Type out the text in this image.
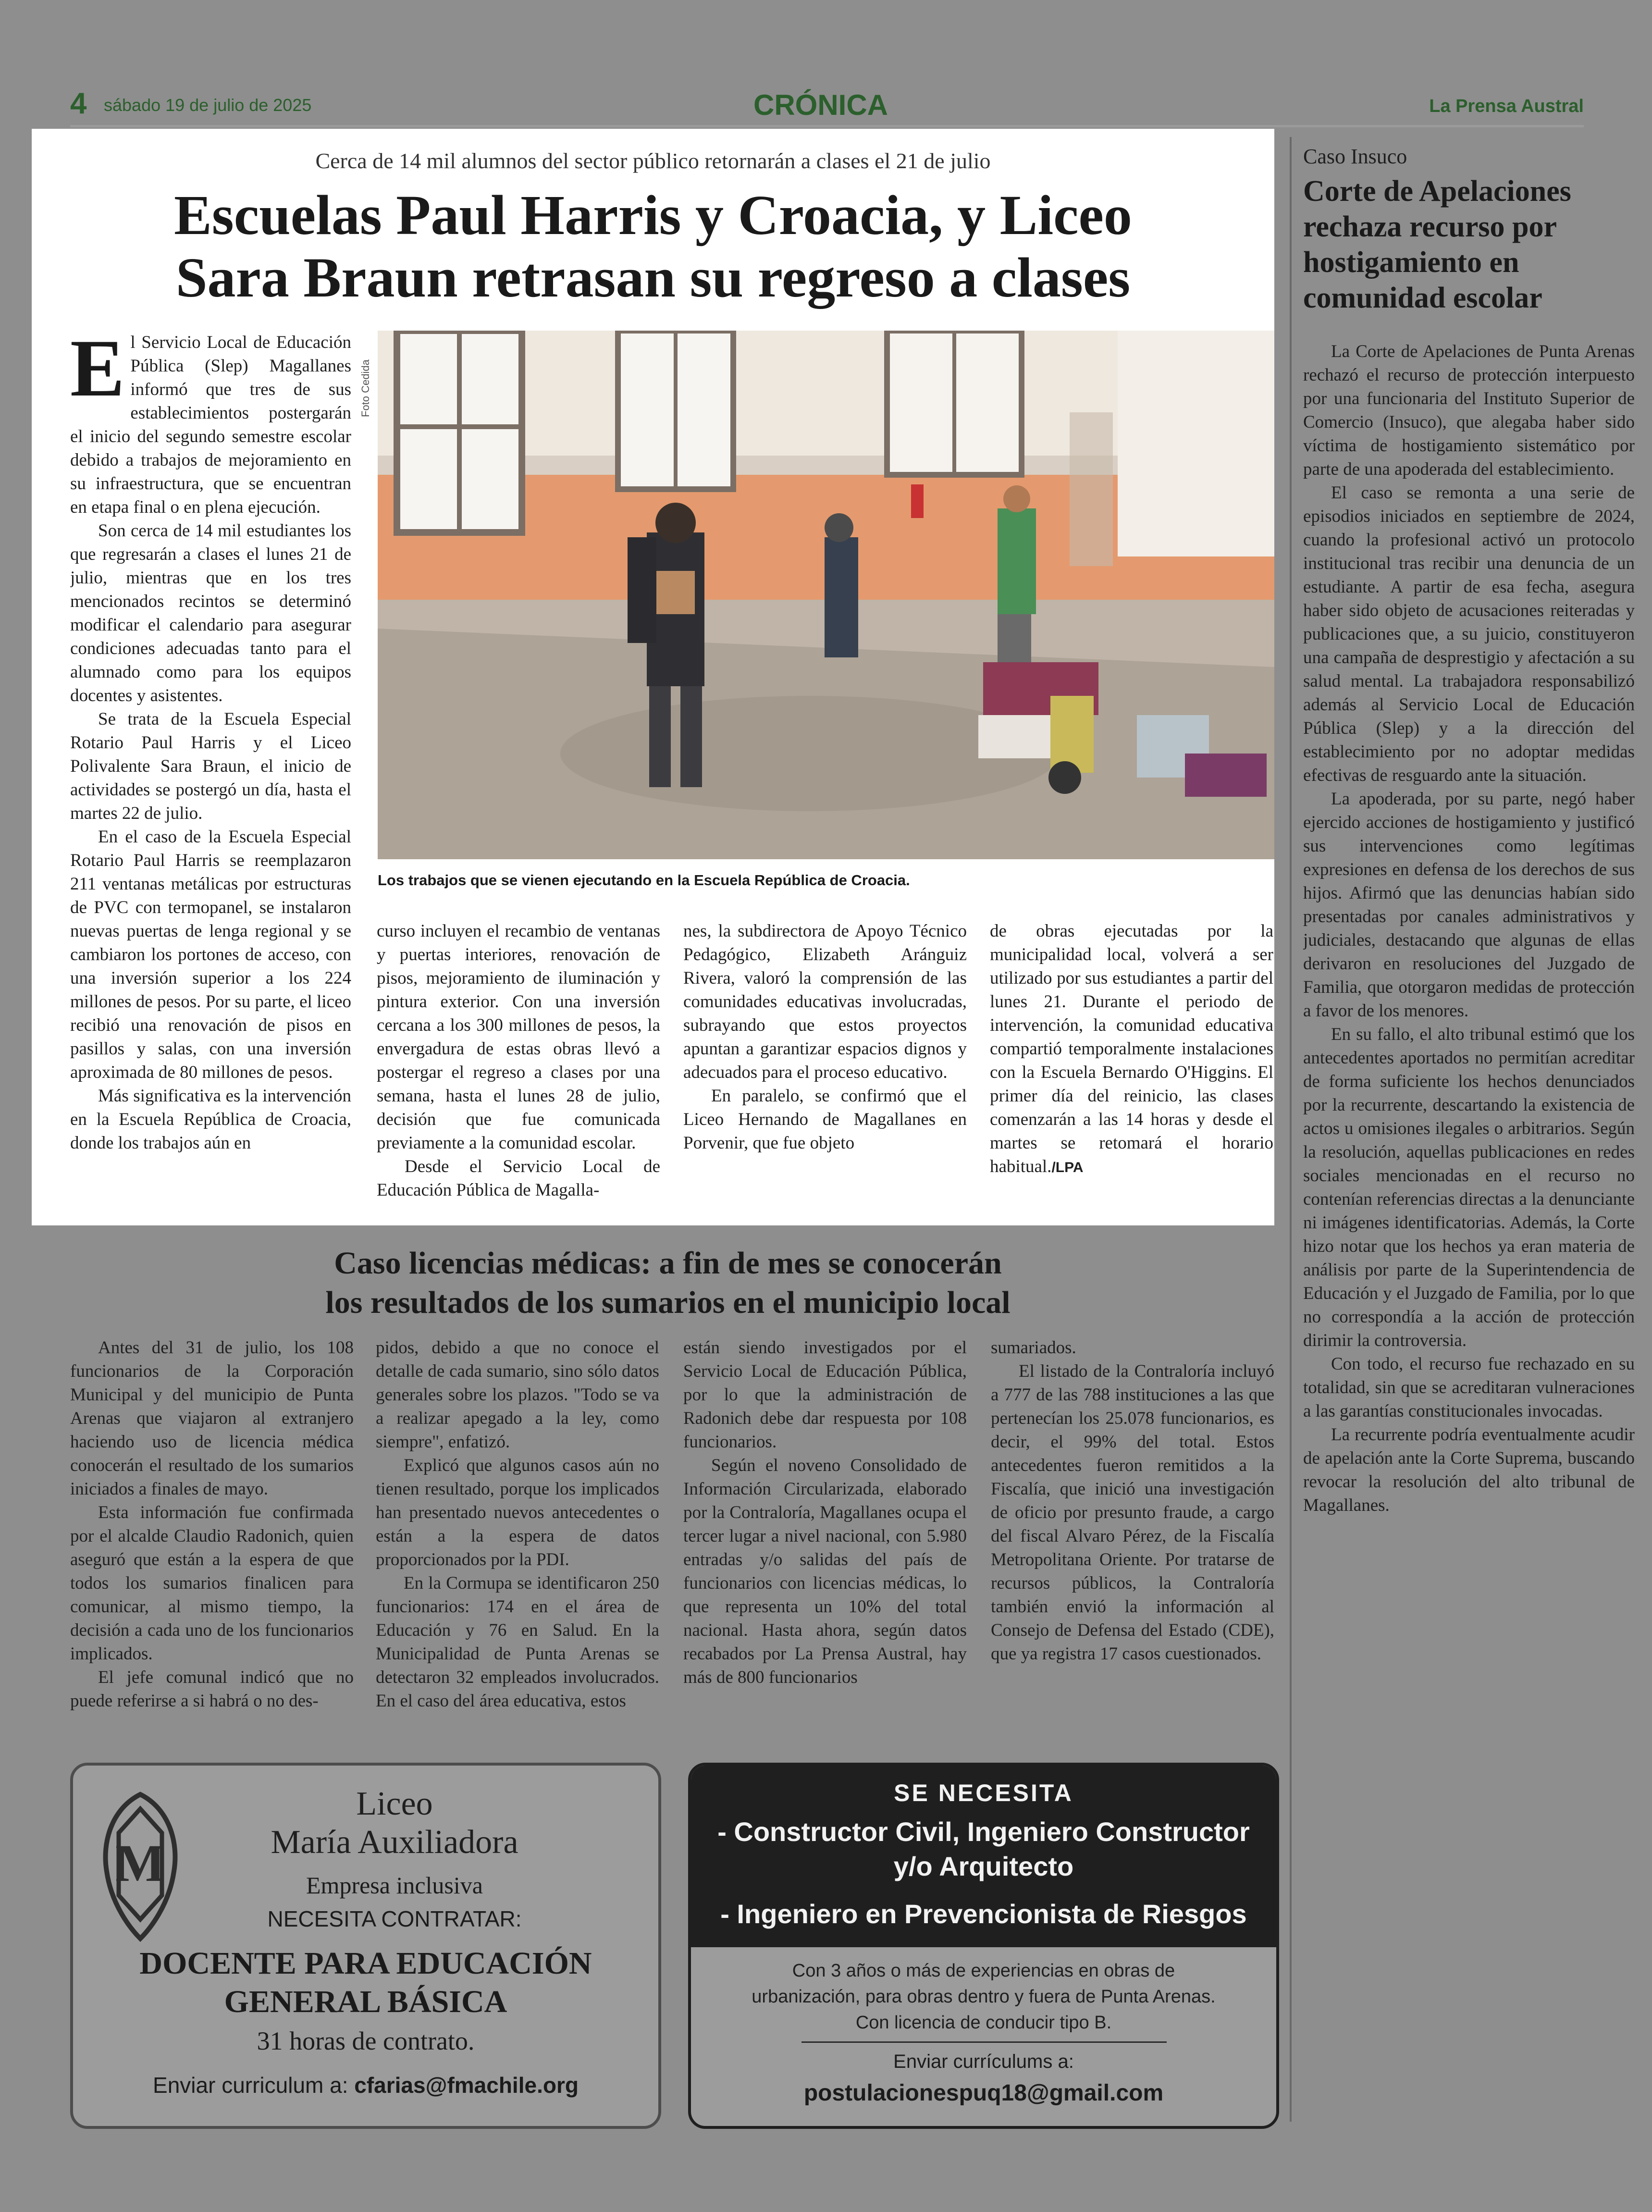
4 sábado 19 de julio de 2025	CRÓNICA	La Prensa Austral
Cerca de 14 mil alumnos del sector público retornarán a clases el 21 de julio
Escuelas Paul Harris y Croacia, y Liceo
Sara Braun retrasan su regreso a clases
Foto Cedida
Los trabajos que se vienen ejecutando en la Escuela República de Croacia.
E l Servicio Local de Educación Pública (Slep) Magallanes informó que tres de sus establecimientos postergarán el inicio del segundo semestre escolar debido a trabajos de mejoramiento en su infraestructura, que se encuentran en etapa final o en plena ejecución.

Son cerca de 14 mil estudiantes los que regresarán a clases el lunes 21 de julio, mientras que en los tres mencionados recintos se determinó modificar el calendario para asegurar condiciones adecuadas tanto para el alumnado como para los equipos docentes y asistentes.

Se trata de la Escuela Especial Rotario Paul Harris y el Liceo Polivalente Sara Braun, el inicio de actividades se postergó un día, hasta el martes 22 de julio.

En el caso de la Escuela Especial Rotario Paul Harris se reemplazaron 211 ventanas metálicas por estructuras de PVC con termopanel, se instalaron nuevas puertas de lenga regional y se cambiaron los portones de acceso, con una inversión superior a los 224 millones de pesos. Por su parte, el liceo recibió una renovación de pisos en pasillos y salas, con una inversión aproximada de 80 millones de pesos.

Más significativa es la intervención en la Escuela República de Croacia, donde los trabajos aún en

curso incluyen el recambio de ventanas y puertas interiores, renovación de pisos, mejoramiento de iluminación y pintura exterior. Con una inversión cercana a los 300 millones de pesos, la envergadura de estas obras llevó a postergar el regreso a clases por una semana, hasta el lunes 28 de julio, decisión que fue comunicada previamente a la comunidad escolar.

Desde el Servicio Local de Educación Pública de Magalla-

nes, la subdirectora de Apoyo Técnico Pedagógico, Elizabeth Aránguiz Rivera, valoró la comprensión de las comunidades educativas involucradas, subrayando que estos proyectos apuntan a garantizar espacios dignos y adecuados para el proceso educativo.

En paralelo, se confirmó que el Liceo Hernando de Magallanes en Porvenir, que fue objeto

de obras ejecutadas por la municipalidad local, volverá a ser utilizado por sus estudiantes a partir del lunes 21. Durante el periodo de intervención, la comunidad educativa compartió temporalmente instalaciones con la Escuela Bernardo O'Higgins. El primer día del reinicio, las clases comenzarán a las 14 horas y desde el martes se retomará el horario habitual./LPA

Caso Insuco
Corte de Apelaciones rechaza recurso por hostigamiento en comunidad escolar

La Corte de Apelaciones de Punta Arenas rechazó el recurso de protección interpuesto por una funcionaria del Instituto Superior de Comercio (Insuco), que alegaba haber sido víctima de hostigamiento sistemático por parte de una apoderada del establecimiento.

El caso se remonta a una serie de episodios iniciados en septiembre de 2024, cuando la profesional activó un protocolo institucional tras recibir una denuncia de un estudiante. A partir de esa fecha, asegura haber sido objeto de acusaciones reiteradas y publicaciones que, a su juicio, constituyeron una campaña de desprestigio y afectación a su salud mental. La trabajadora responsabilizó además al Servicio Local de Educación Pública (Slep) y a la dirección del establecimiento por no adoptar medidas efectivas de resguardo ante la situación.

La apoderada, por su parte, negó haber ejercido acciones de hostigamiento y justificó sus intervenciones como legítimas expresiones en defensa de los derechos de sus hijos. Afirmó que las denuncias habían sido presentadas por canales administrativos y judiciales, destacando que algunas de ellas derivaron en resoluciones del Juzgado de Familia, que otorgaron medidas de protección a favor de los menores.

En su fallo, el alto tribunal estimó que los antecedentes aportados no permitían acreditar de forma suficiente los hechos denunciados por la recurrente, descartando la existencia de actos u omisiones ilegales o arbitrarios. Según la resolución, aquellas publicaciones en redes sociales mencionadas en el recurso no contenían referencias directas a la denunciante ni imágenes identificatorias. Además, la Corte hizo notar que los hechos ya eran materia de análisis por parte de la Superintendencia de Educación y el Juzgado de Familia, por lo que no correspondía a la acción de protección dirimir la controversia.

Con todo, el recurso fue rechazado en su totalidad, sin que se acreditaran vulneraciones a las garantías constitucionales invocadas.

La recurrente podría eventualmente acudir de apelación ante la Corte Suprema, buscando revocar la resolución del alto tribunal de Magallanes.

Caso licencias médicas: a fin de mes se conocerán
los resultados de los sumarios en el municipio local

Antes del 31 de julio, los 108 funcionarios de la Corporación Municipal y del municipio de Punta Arenas que viajaron al extranjero haciendo uso de licencia médica conocerán el resultado de los sumarios iniciados a finales de mayo.

Esta información fue confirmada por el alcalde Claudio Radonich, quien aseguró que están a la espera de que todos los sumarios finalicen para comunicar, al mismo tiempo, la decisión a cada uno de los funcionarios implicados.

El jefe comunal indicó que no puede referirse a si habrá o no des-

pidos, debido a que no conoce el detalle de cada sumario, sino sólo datos generales sobre los plazos. "Todo se va a realizar apegado a la ley, como siempre", enfatizó.

Explicó que algunos casos aún no tienen resultado, porque los implicados han presentado nuevos antecedentes o están a la espera de datos proporcionados por la PDI.

En la Cormupa se identificaron 250 funcionarios: 174 en el área de Educación y 76 en Salud. En la Municipalidad de Punta Arenas se detectaron 32 empleados involucrados. En el caso del área educativa, estos

están siendo investigados por el Servicio Local de Educación Pública, por lo que la administración de Radonich debe dar respuesta por 108 funcionarios.

Según el noveno Consolidado de Información Circularizada, elaborado por la Contraloría, Magallanes ocupa el tercer lugar a nivel nacional, con 5.980 entradas y/o salidas del país de funcionarios con licencias médicas, lo que representa un 10% del total nacional. Hasta ahora, según datos recabados por La Prensa Austral, hay más de 800 funcionarios

sumariados.

El listado de la Contraloría incluyó a 777 de las 788 instituciones a las que pertenecían los 25.078 funcionarios, es decir, el 99% del total. Estos antecedentes fueron remitidos a la Fiscalía, que inició una investigación de oficio por presunto fraude, a cargo del fiscal Alvaro Pérez, de la Fiscalía Metropolitana Oriente. Por tratarse de recursos públicos, la Contraloría también envió la información al Consejo de Defensa del Estado (CDE), que ya registra 17 casos cuestionados.

M
Liceo
María Auxiliadora
Empresa inclusiva
NECESITA CONTRATAR:
DOCENTE PARA EDUCACIÓN
GENERAL BÁSICA
31 horas de contrato.
Enviar curriculum a: cfarias@fmachile.org
SE NECESITA
- Constructor Civil, Ingeniero Constructor
y/o Arquitecto
- Ingeniero en Prevencionista de Riesgos
Con 3 años o más de experiencias en obras de
urbanización, para obras dentro y fuera de Punta Arenas.
Con licencia de conducir tipo B.
Enviar currículums a:
postulacionespuq18@gmail.com
